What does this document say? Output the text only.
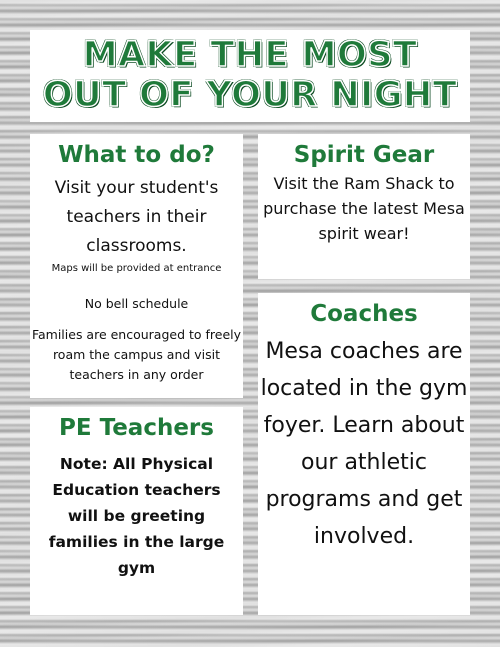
MAKE THE MOST
OUT OF YOUR NIGHT
What to do?
Visit your student's teachers in their classrooms.
Maps will be provided at entrance
No bell schedule
Families are encouraged to freely roam the campus and visit teachers in any order
Spirit Gear
Visit the Ram Shack to purchase the latest Mesa spirit wear!
Coaches
Mesa coaches are located in the gym foyer. Learn about our athletic programs and get involved.
PE Teachers
Note: All Physical Education teachers will be greeting families in the large gym
